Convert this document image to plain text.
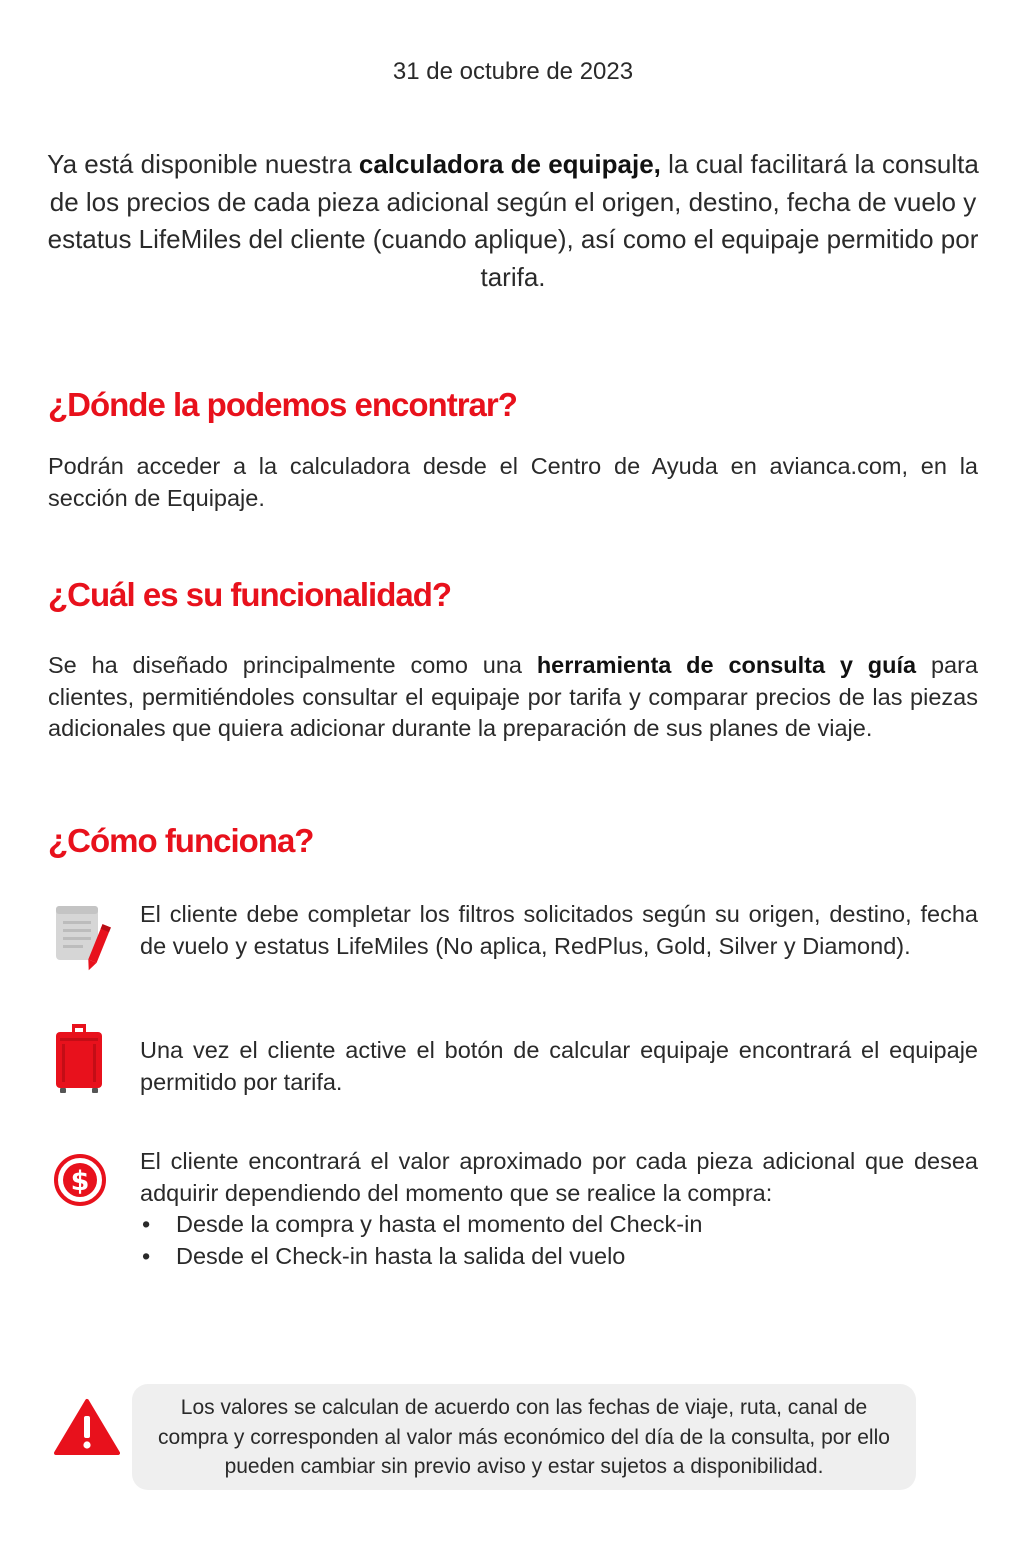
31 de octubre de 2023
Ya está disponible nuestra calculadora de equipaje, la cual facilitará la consulta de los precios de cada pieza adicional según el origen, destino, fecha de vuelo y estatus LifeMiles del cliente (cuando aplique), así como el equipaje permitido por tarifa.
¿Dónde la podemos encontrar?
Podrán acceder a la calculadora desde el Centro de Ayuda en avianca.com, en la sección de Equipaje.
¿Cuál es su funcionalidad?
Se ha diseñado principalmente como una herramienta de consulta y guía para clientes, permitiéndoles consultar el equipaje por tarifa y comparar precios de las piezas adicionales que quiera adicionar durante la preparación de sus planes de viaje.
¿Cómo funciona?
El cliente debe completar los filtros solicitados según su origen, destino, fecha de vuelo y estatus LifeMiles (No aplica, RedPlus, Gold, Silver y Diamond).
Una vez el cliente active el botón de calcular equipaje encontrará el equipaje permitido por tarifa.
$
El cliente encontrará el valor aproximado por cada pieza adicional que desea adquirir dependiendo del momento que se realice la compra:
• Desde la compra y hasta el momento del Check-in
• Desde el Check-in hasta la salida del vuelo
Los valores se calculan de acuerdo con las fechas de viaje, ruta, canal de compra y corresponden al valor más económico del día de la consulta, por ello pueden cambiar sin previo aviso y estar sujetos a disponibilidad.
